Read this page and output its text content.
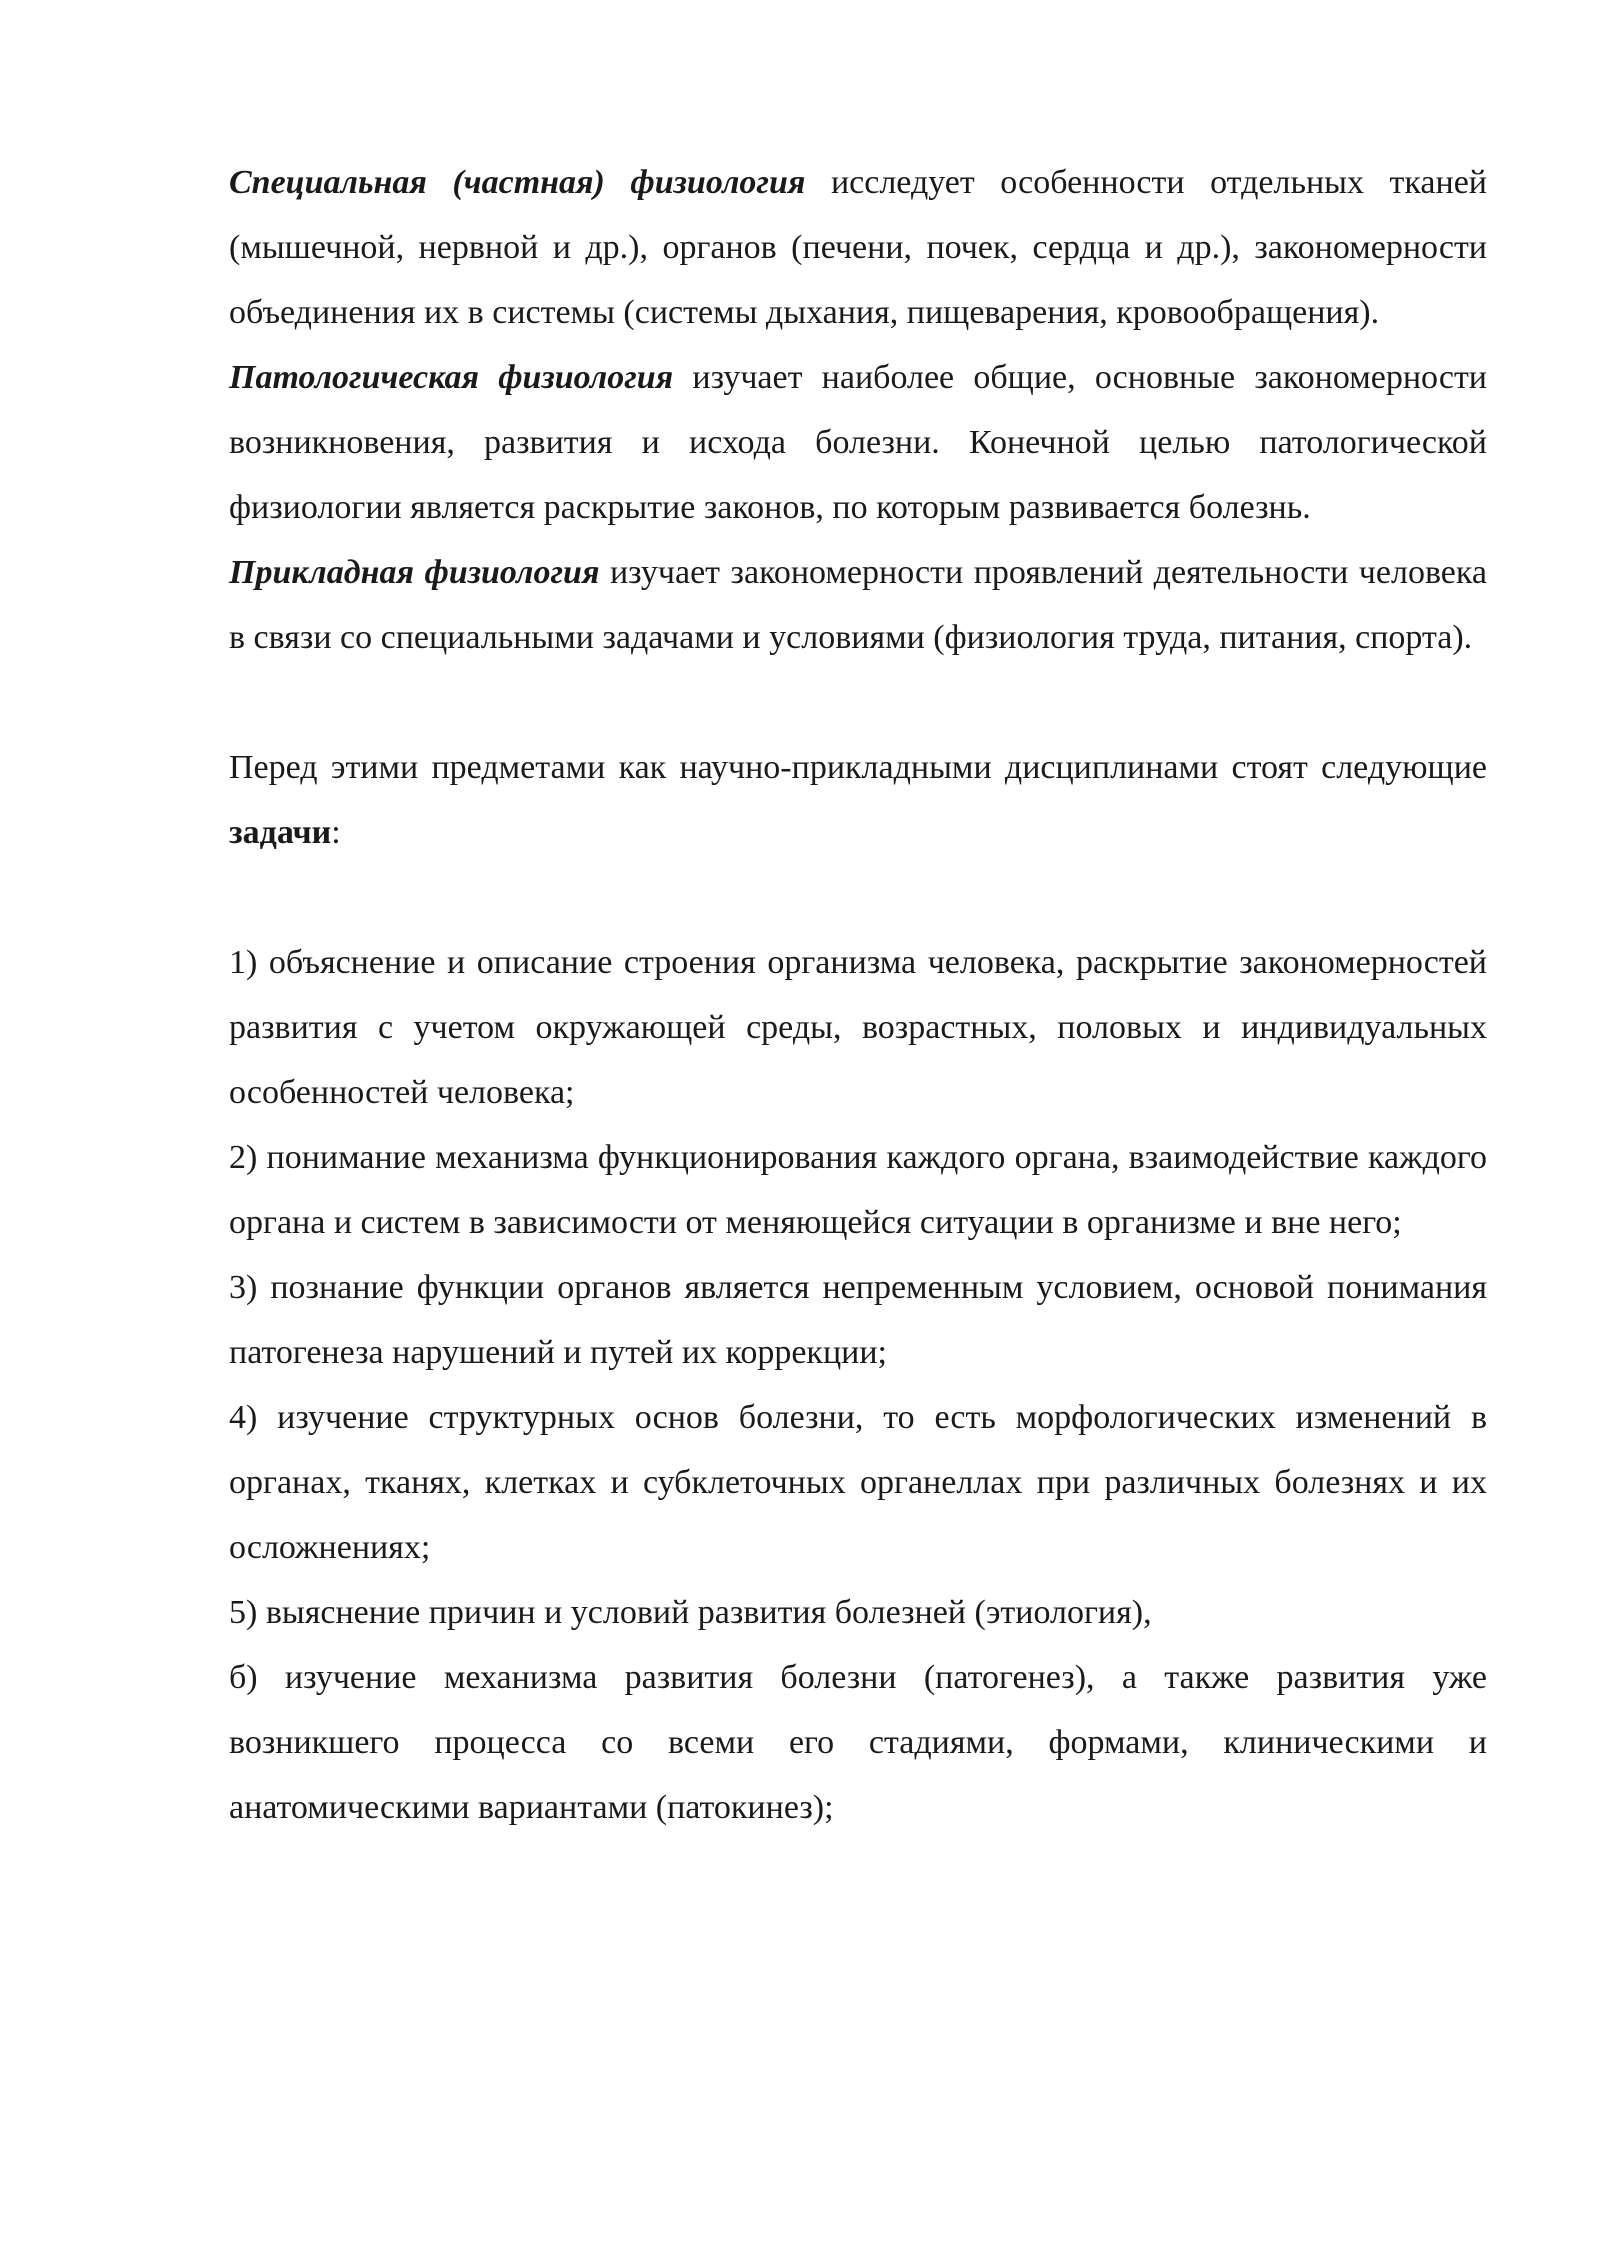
Специальная (частная) физиология исследует особенности отдельных тканей (мышечной, нервной и др.), органов (печени, почек, сердца и др.), закономерности объединения их в системы (системы дыхания, пищеварения, кровообращения).

Патологическая физиология изучает наиболее общие, основные закономерности возникновения, развития и исхода болезни. Конечной целью патологической физиологии является раскрытие законов, по которым развивается болезнь.

Прикладная физиология изучает закономерности проявлений деятельности человека в связи со специальными задачами и условиями (физиология труда, питания, спорта).

Перед этими предметами как научно-прикладными дисциплинами стоят следующие задачи:

1) объяснение и описание строения организма человека, раскрытие закономерностей развития с учетом окружающей среды, возрастных, половых и индивидуальных особенностей человека;

2) понимание механизма функционирования каждого органа, взаимодействие каждого органа и систем в зависимости от меняющейся ситуации в организме и вне него;

3) познание функции органов является непременным условием, основой понимания патогенеза нарушений и путей их коррекции;

4) изучение структурных основ болезни, то есть морфологических изменений в органах, тканях, клетках и субклеточных органеллах при различных болезнях и их осложнениях;

5) выяснение причин и условий развития болезней (этиология),

б) изучение механизма развития болезни (патогенез), а также развития уже возникшего процесса со всеми его стадиями, формами, клиническими и анатомическими вариантами (патокинез);
